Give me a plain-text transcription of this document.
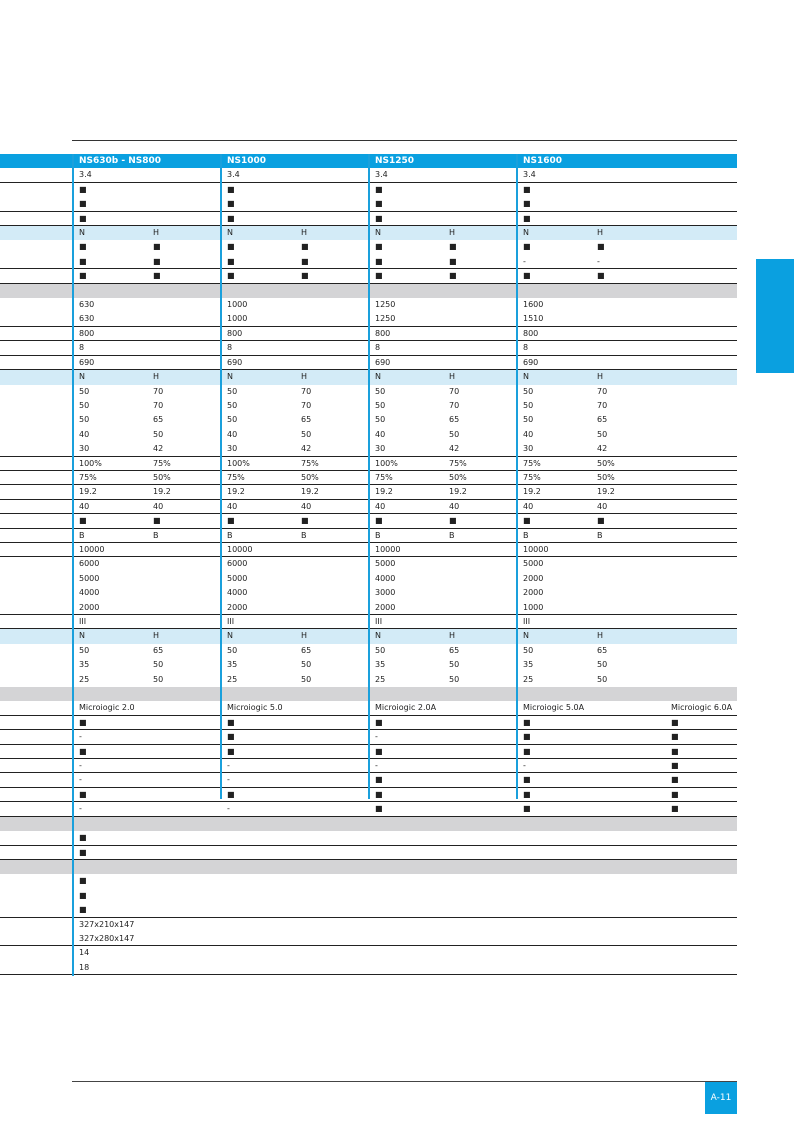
NS630b - NS800	NS1000	NS1250	NS1600
3.4	3.4	3.4	3.4
■	■	■	■
■	■	■	■
■	■	■	■
N	H	N	H	N	H	N	H
■	■	■	■	■	■	■	■
■	■	■	■	■	■	-	-
■	■	■	■	■	■	■	■
630	1000	1250	1600
630	1000	1250	1510
800	800	800	800
8	8	8	8
690	690	690	690
N	H	N	H	N	H	N	H
50	70	50	70	50	70	50	70
50	70	50	70	50	70	50	70
50	65	50	65	50	65	50	65
40	50	40	50	40	50	40	50
30	42	30	42	30	42	30	42
100%	75%	100%	75%	100%	75%	75%	50%
75%	50%	75%	50%	75%	50%	75%	50%
19.2	19.2	19.2	19.2	19.2	19.2	19.2	19.2
40	40	40	40	40	40	40	40
■	■	■	■	■	■	■	■
B	B	B	B	B	B	B	B
10000	10000	10000	10000
6000	6000	5000	5000
5000	5000	4000	2000
4000	4000	3000	2000
2000	2000	2000	1000
III	III	III	III
N	H	N	H	N	H	N	H
50	65	50	65	50	65	50	65
35	50	35	50	35	50	35	50
25	50	25	50	25	50	25	50
Microiogic 2.0	Microiogic 5.0	Microiogic 2.0A	Microiogic 5.0A	Microiogic 6.0A
■	■	■	■	■
-	■	-	■	■
■	■	■	■	■
-	-	-	-	■
-	-	■	■	■
■	■	■	■	■
-	-	■	■	■
■
■
■
■
■
327x210x147
327x280x147
14
18
A-11
